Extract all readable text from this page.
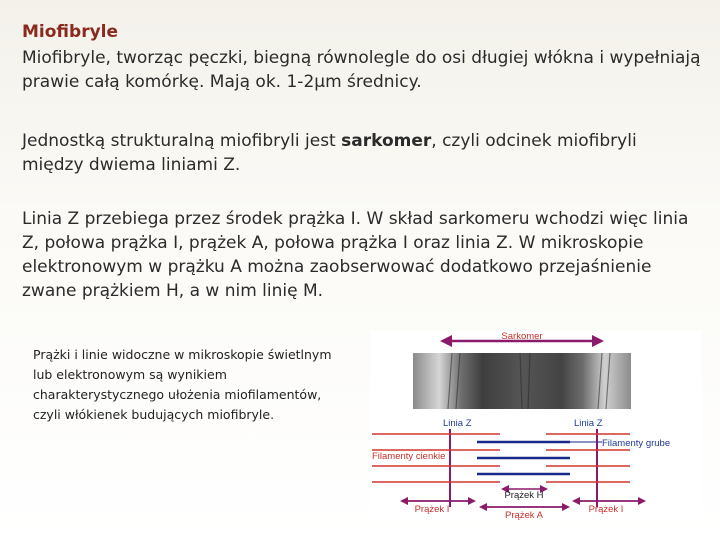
Miofibryle
Miofibryle, tworząc pęczki, biegną równolegle do osi długiej włókna i wypełniają prawie całą komórkę. Mają ok. 1-2µm średnicy.
Jednostką strukturalną miofibryli jest sarkomer, czyli odcinek miofibryli między dwiema liniami Z.
Linia Z przebiega przez środek prążka I. W skład sarkomeru wchodzi więc linia Z, połowa prążka I, prążek A, połowa prążka I oraz linia Z. W mikroskopie elektronowym w prążku A można zaobserwować dodatkowo przejaśnienie zwane prążkiem H, a w nim linię M.
Prążki i linie widoczne w mikroskopie świetlnym lub elektronowym są wynikiem charakterystycznego ułożenia miofilamentów, czyli włókienek budujących miofibryle.
Sarkomer
Linia Z	Linia Z
Filamenty grube
Filamenty cienkie
Prążek H
Prążek I
Prążek A
Prążek I
